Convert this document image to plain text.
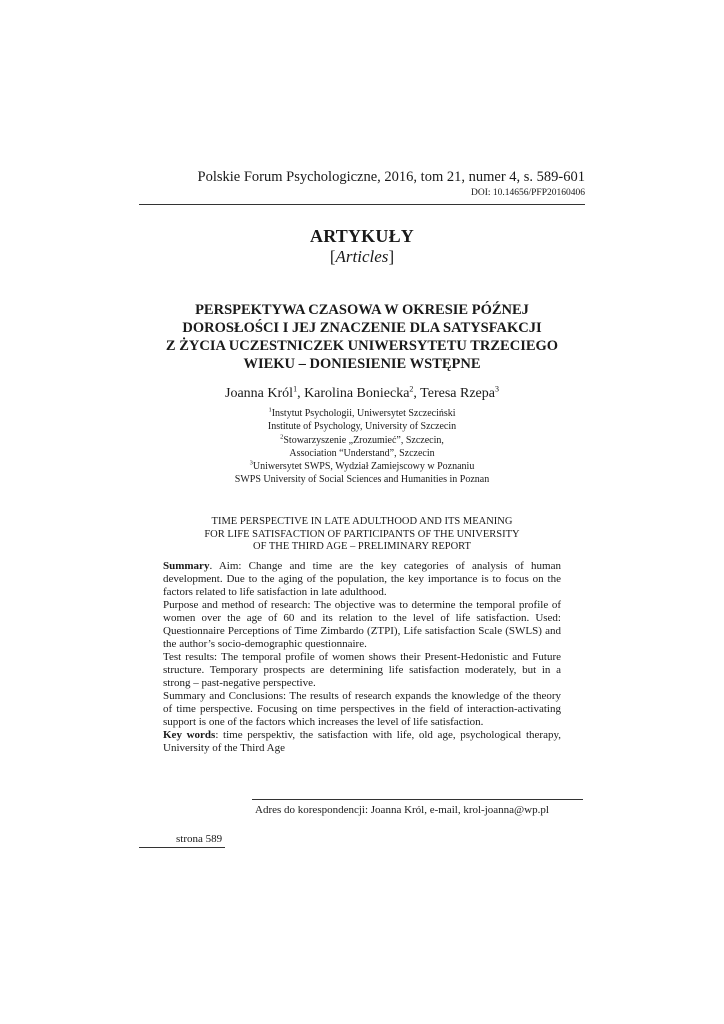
Polskie Forum Psychologiczne, 2016, tom 21, numer 4, s. 589-601
DOI: 10.14656/PFP20160406
ARTYKUŁY
[Articles]
PERSPEKTYWA CZASOWA W OKRESIE PÓŹNEJ
DOROSŁOŚCI I JEJ ZNACZENIE DLA SATYSFAKCJI
Z ŻYCIA UCZESTNICZEK UNIWERSYTETU TRZECIEGO
WIEKU – DONIESIENIE WSTĘPNE
Joanna Król$^1$, Karolina Boniecka$^2$, Teresa Rzepa$^3$
$^1$Instytut Psychologii, Uniwersytet Szczeciński
Institute of Psychology, University of Szczecin
$^2$Stowarzyszenie „Zrozumieć”, Szczecin,
Association “Understand”, Szczecin
$^3$Uniwersytet SWPS, Wydział Zamiejscowy w Poznaniu
SWPS University of Social Sciences and Humanities in Poznan
TIME PERSPECTIVE IN LATE ADULTHOOD AND ITS MEANING
FOR LIFE SATISFACTION OF PARTICIPANTS OF THE UNIVERSITY
OF THE THIRD AGE – PRELIMINARY REPORT

Summary. Aim: Change and time are the key categories of analysis of human development. Due to the aging of the population, the key importance is to focus on the factors related to life satisfaction in late adulthood.

Purpose and method of research: The objective was to determine the temporal profile of women over the age of 60 and its relation to the level of life satisfaction. Used: Questionnaire Perceptions of Time Zimbardo (ZTPI), Life satisfaction Scale (SWLS) and the author’s socio-demographic questionnaire.

Test results: The temporal profile of women shows their Present-Hedonistic and Future structure. Temporary prospects are determining life satisfaction moderately, but in a strong – past-negative perspective.

Summary and Conclusions: The results of research expands the knowledge of the theory of time perspective. Focusing on time perspectives in the field of interaction-activating support is one of the factors which increases the level of life satisfaction.

Key words: time perspektiv, the satisfaction with life, old age, psychological therapy, University of the Third Age

Adres do korespondencji: Joanna Król, e-mail, krol-joanna@wp.pl
strona 589
